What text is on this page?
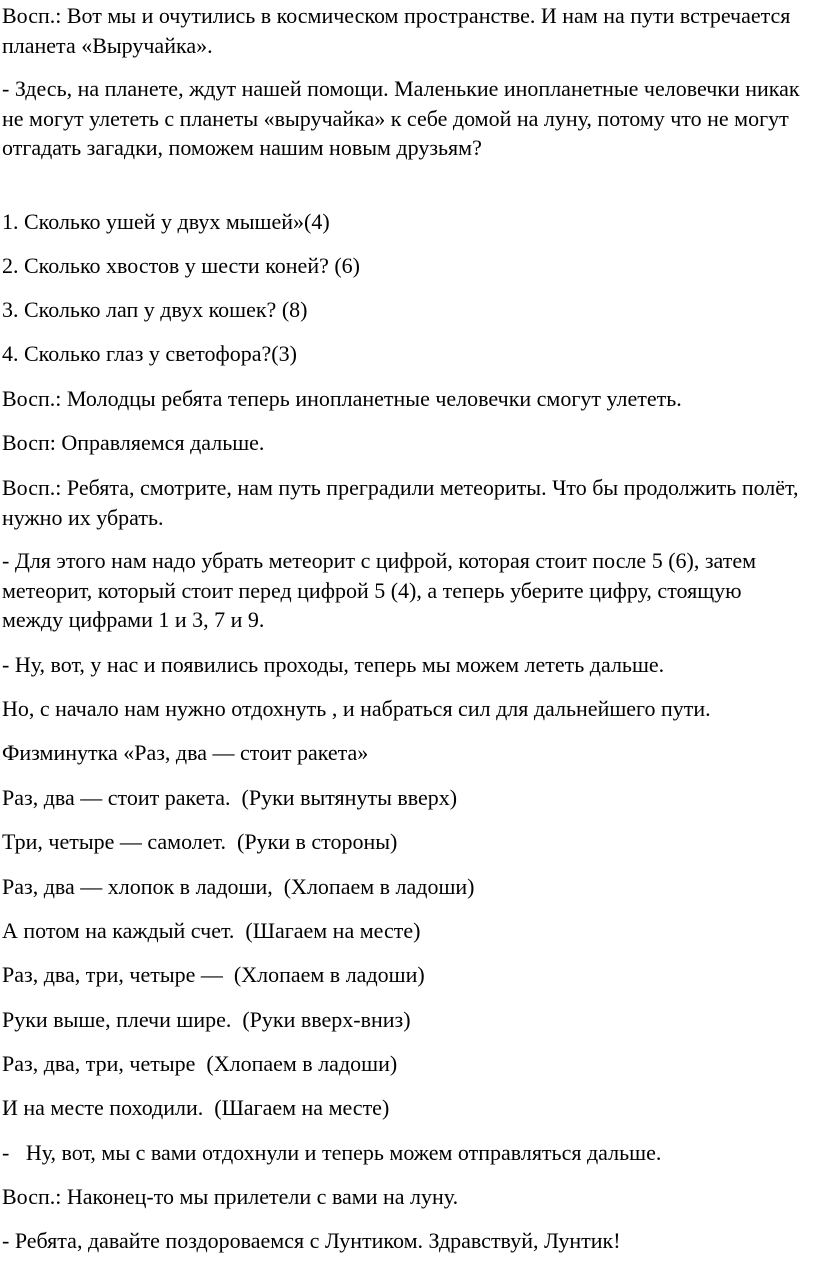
Восп.: Вот мы и очутились в космическом пространстве. И нам на пути встречается планета «Выручайка».

- Здесь, на планете, ждут нашей помощи. Маленькие инопланетные человечки никак не могут улететь с планеты «выручайка» к себе домой на луну, потому что не могут отгадать загадки, поможем нашим новым друзьям?

1. Сколько ушей у двух мышей»(4)

2. Сколько хвостов у шести коней? (6)

3. Сколько лап у двух кошек? (8)

4. Сколько глаз у светофора?(3)

Восп.: Молодцы ребята теперь инопланетные человечки смогут улететь.

Восп: Оправляемся дальше.

Восп.: Ребята, смотрите, нам путь преградили метеориты. Что бы продолжить полёт, нужно их убрать.

- Для этого нам надо убрать метеорит с цифрой, которая стоит после 5 (6), затем метеорит, который стоит перед цифрой 5 (4), а теперь уберите цифру, стоящую между цифрами 1 и 3, 7 и 9.

- Ну, вот, у нас и появились проходы, теперь мы можем лететь дальше.

Но, с начало нам нужно отдохнуть , и набраться сил для дальнейшего пути.

Физминутка «Раз, два — стоит ракета»

Раз, два — стоит ракета.  (Руки вытянуты вверх)

Три, четыре — самолет.  (Руки в стороны)

Раз, два — хлопок в ладоши,  (Хлопаем в ладоши)

А потом на каждый счет.  (Шагаем на месте)

Раз, два, три, четыре —  (Хлопаем в ладоши)

Руки выше, плечи шире.  (Руки вверх-вниз)

Раз, два, три, четыре  (Хлопаем в ладоши)

И на месте походили.  (Шагаем на месте)

-   Ну, вот, мы с вами отдохнули и теперь можем отправляться дальше.

Восп.: Наконец-то мы прилетели с вами на луну.

- Ребята, давайте поздороваемся с Лунтиком. Здравствуй, Лунтик!
